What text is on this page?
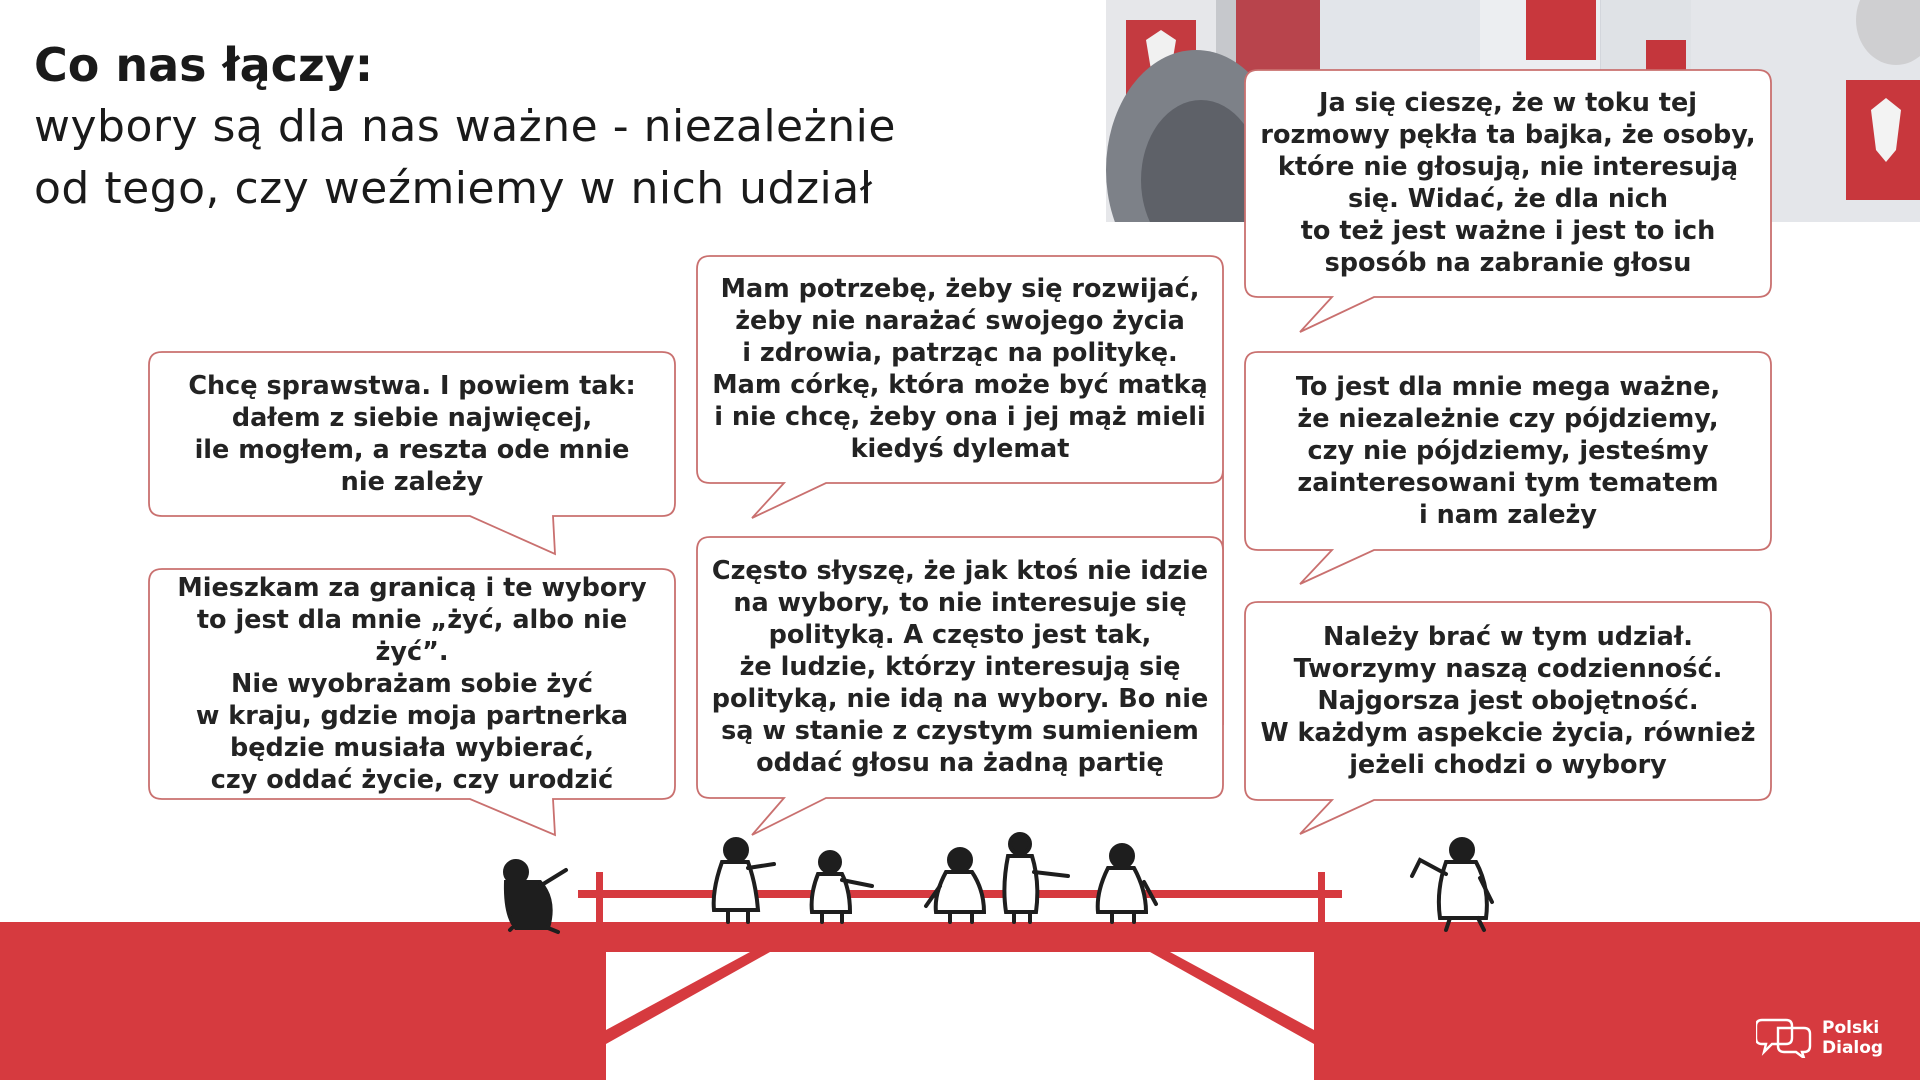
Co nas łączy:
wybory są dla nas ważne - niezależnie
od tego, czy weźmiemy w nich udział
Chcę sprawstwa. I powiem tak:
dałem z siebie najwięcej,
ile mogłem, a reszta ode mnie
nie zależy
Mieszkam za granicą i te wybory
to jest dla mnie „żyć, albo nie żyć”.
Nie wyobrażam sobie żyć
w kraju, gdzie moja partnerka
będzie musiała wybierać,
czy oddać życie, czy urodzić
Mam potrzebę, żeby się rozwijać,
żeby nie narażać swojego życia
i zdrowia, patrząc na politykę.
Mam córkę, która może być matką
i nie chcę, żeby ona i jej mąż mieli
kiedyś dylemat
Często słyszę, że jak ktoś nie idzie
na wybory, to nie interesuje się
polityką. A często jest tak,
że ludzie, którzy interesują się
polityką, nie idą na wybory. Bo nie
są w stanie z czystym sumieniem
oddać głosu na żadną partię
Ja się cieszę, że w toku tej
rozmowy pękła ta bajka, że osoby,
które nie głosują, nie interesują
się. Widać, że dla nich
to też jest ważne i jest to ich
sposób na zabranie głosu
To jest dla mnie mega ważne,
że niezależnie czy pójdziemy,
czy nie pójdziemy, jesteśmy
zainteresowani tym tematem
i nam zależy
Należy brać w tym udział.
Tworzymy naszą codzienność.
Najgorsza jest obojętność.
W każdym aspekcie życia, również
jeżeli chodzi o wybory
Polski
Dialog
